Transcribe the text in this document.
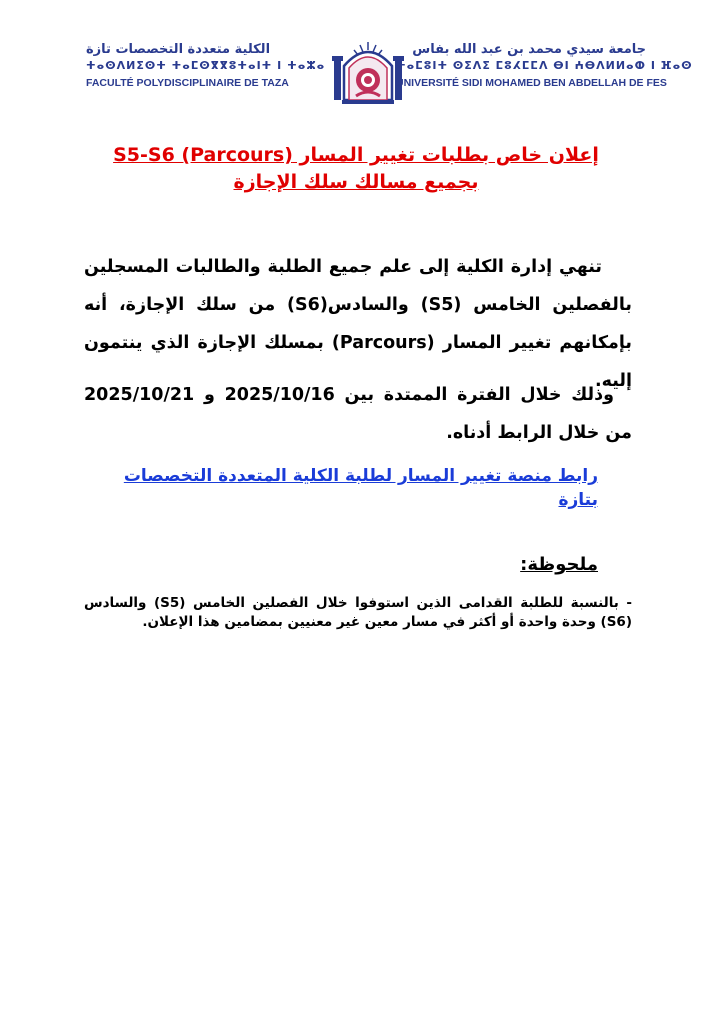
الكلية متعددة التخصصات تازة
ⵜⴰⵙⴷⵍⵉⵙⵜ ⵜⴰⵎⵙⴳⴳⵓⵜⴰⵏⵜ ⵏ ⵜⴰⵣⴰ
FACULTÉ POLYDISCIPLINAIRE DE TAZA
جامعة سيدي محمد بن عبد الله بفاس
ⵜⴰⵎⵓⵏⵜ ⵙⵉⴷⵉ ⵎⵓⵃⵎⵎⴷ ⴱⵏ ⵄⴱⴷⵍⵍⴰⵀ ⵏ ⴼⴰⵙ
UNIVERSITÉ SIDI MOHAMED BEN ABDELLAH DE FES
إعلان خاص بطلبات تغيير المسار S5-S6 (Parcours) بجميع مسالك سلك الإجازة
تنهي إدارة الكلية إلى علم جميع الطلبة والطالبات المسجلين بالفصلين الخامس (S5) والسادس(S6) من سلك الإجازة، أنه بإمكانهم تغيير المسار (Parcours) بمسلك الإجازة الذي ينتمون إليه.
وذلك خلال الفترة الممتدة بين 2025/10/16 و 2025/10/21 من خلال الرابط أدناه.
رابط منصة تغيير المسار لطلبة الكلية المتعددة التخصصات بتازة
ملحوظة:
- بالنسبة للطلبة القدامى الذين استوفوا خلال الفصلين الخامس (S5) والسادس (S6) وحدة واحدة أو أكثر في مسار معين غير معنيين بمضامين هذا الإعلان.
